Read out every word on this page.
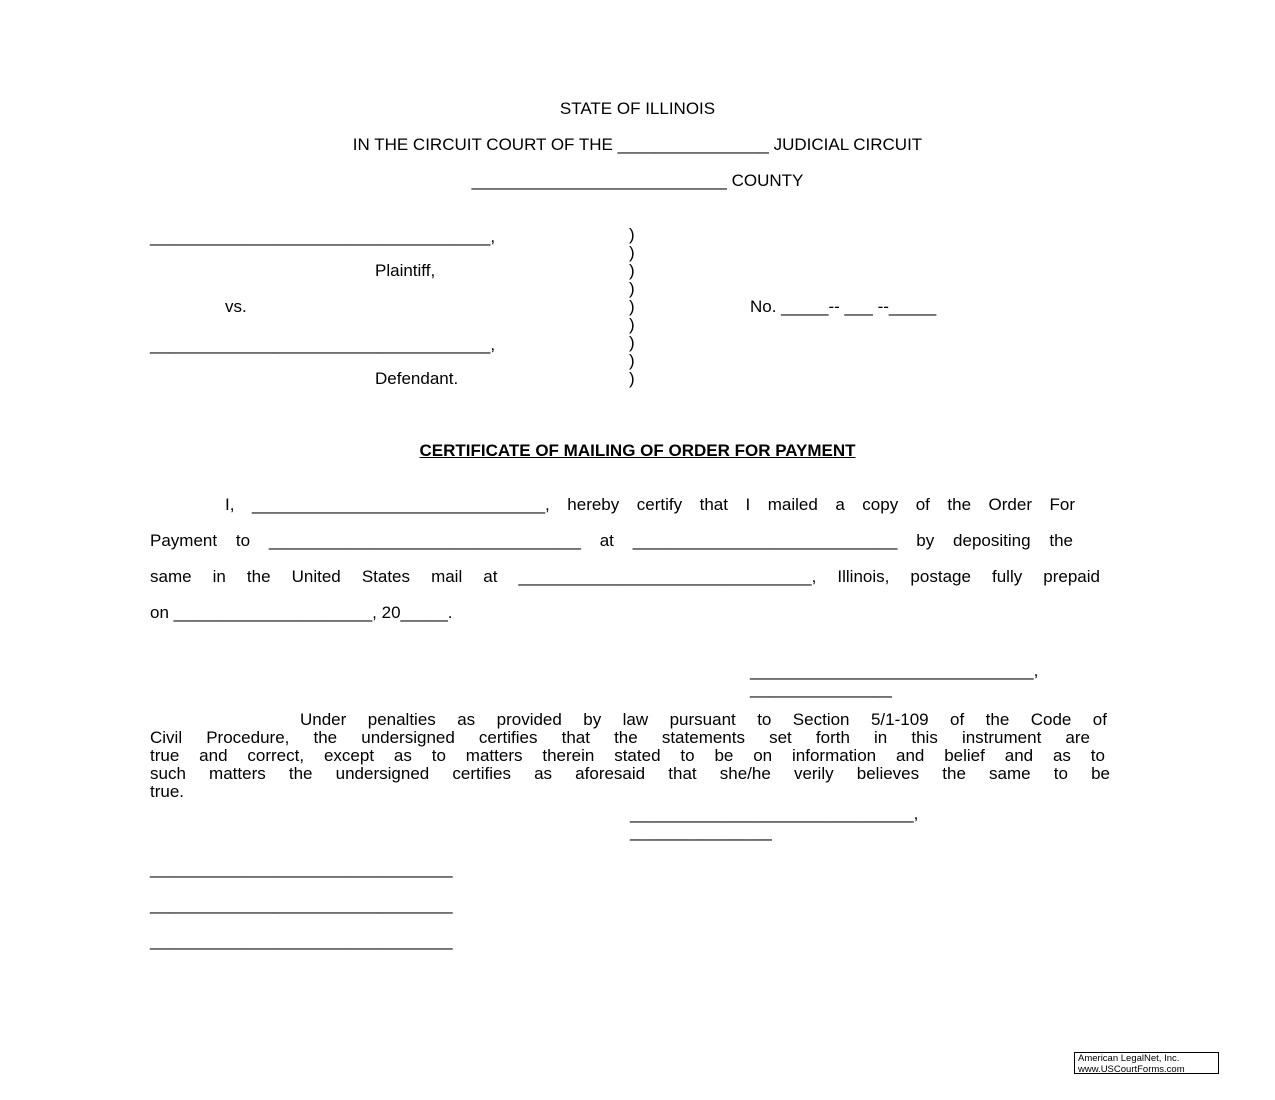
STATE OF ILLINOIS
IN THE CIRCUIT COURT OF THE ________________ JUDICIAL CIRCUIT
___________________________ COUNTY
____________________________________,
Plaintiff,
vs.
____________________________________,
Defendant.
)
)
)
)
)
)
)
)
)
No. _____-- ___ --_____
CERTIFICATE OF MAILING OF ORDER FOR PAYMENT
I, _______________________________, hereby certify that I mailed a copy of the Order For
Payment to _________________________________ at ____________________________ by depositing the
same in the United States mail at _______________________________, Illinois, postage fully prepaid
on _____________________, 20_____.
______________________________,
_______________
Under penalties as provided by law pursuant to Section 5/1-109 of the Code of
Civil Procedure, the undersigned certifies that the statements set forth in this instrument are
true and correct, except as to matters therein stated to be on information and belief and as to
such matters the undersigned certifies as aforesaid that she/he verily believes the same to be
true.
______________________________,
_______________
________________________________
________________________________
________________________________
American LegalNet, Inc.
www.USCourtForms.com
